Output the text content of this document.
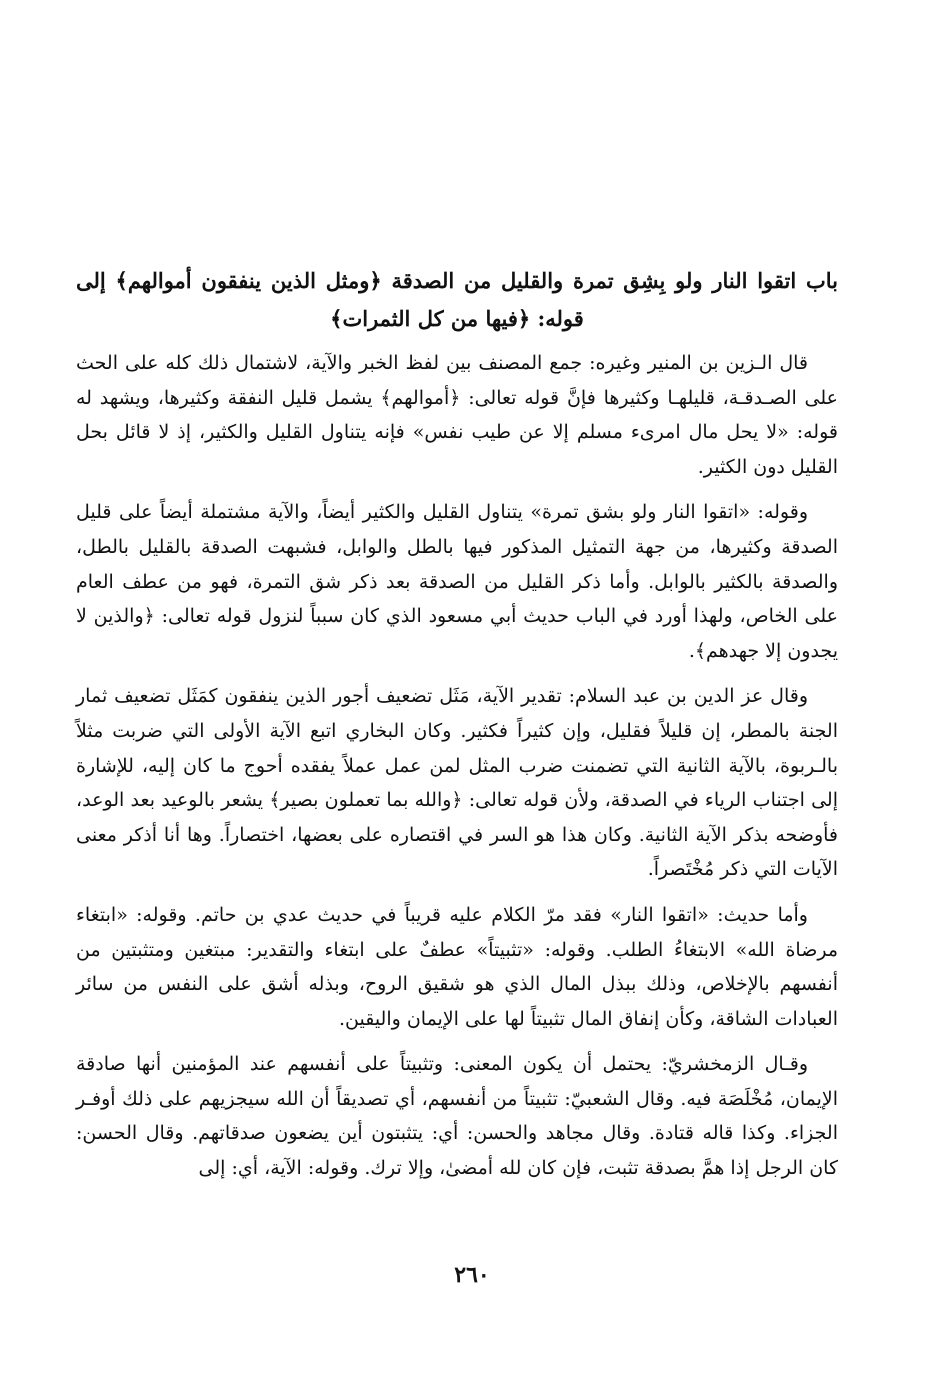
باب اتقوا النار ولو بِشِق تمرة والقليل من الصدقة ﴿ومثل الذين ينفقون أموالهم﴾ إلى قوله: ﴿فيها من كل الثمرات﴾

قال الـزين بن المنير وغيره: جمع المصنف بين لفظ الخبر والآية، لاشتمال ذلك كله على الحث على الصـدقـة، قليلهـا وكثيرها فإنَّ قوله تعالى: ﴿أموالهم﴾ يشمل قليل النفقة وكثيرها، ويشهد له قوله: «لا يحل مال امرىء مسلم إلا عن طيب نفس» فإنه يتناول القليل والكثير، إذ لا قائل بحل القليل دون الكثير.

وقوله: «اتقوا النار ولو بشق تمرة» يتناول القليل والكثير أيضاً، والآية مشتملة أيضاً على قليل الصدقة وكثيرها، من جهة التمثيل المذكور فيها بالطل والوابل، فشبهت الصدقة بالقليل بالطل، والصدقة بالكثير بالوابل. وأما ذكر القليل من الصدقة بعد ذكر شق التمرة، فهو من عطف العام على الخاص، ولهذا أورد في الباب حديث أبي مسعود الذي كان سبباً لنزول قوله تعالى: ﴿والذين لا يجدون إلا جهدهم﴾.

وقال عز الدين بن عبد السلام: تقدير الآية، مَثَل تضعيف أجور الذين ينفقون كمَثَل تضعيف ثمار الجنة بالمطر، إن قليلاً فقليل، وإن كثيراً فكثير. وكان البخاري اتبع الآية الأولى التي ضربت مثلاً بالـربوة، بالآية الثانية التي تضمنت ضرب المثل لمن عمل عملاً يفقده أحوج ما كان إليه، للإشارة إلى اجتناب الرياء في الصدقة، ولأن قوله تعالى: ﴿والله بما تعملون بصير﴾ يشعر بالوعيد بعد الوعد، فأوضحه بذكر الآية الثانية. وكان هذا هو السر في اقتصاره على بعضها، اختصاراً. وها أنا أذكر معنى الآيات التي ذكر مُخْتَصراً.

وأما حديث: «اتقوا النار» فقد مرّ الكلام عليه قريباً في حديث عدي بن حاتم. وقوله: «ابتغاء مرضاة الله» الابتغاءُ الطلب. وقوله: «تثبيتاً» عطفٌ على ابتغاء والتقدير: مبتغين ومتثبتين من أنفسهم بالإخلاص، وذلك ببذل المال الذي هو شقيق الروح، وبذله أشق على النفس من سائر العبادات الشاقة، وكأن إنفاق المال تثبيتاً لها على الإيمان واليقين.

وقـال الزمخشريّ: يحتمل أن يكون المعنى: وتثبيتاً على أنفسهم عند المؤمنين أنها صادقة الإيمان، مُخْلَصَة فيه. وقال الشعبيّ: تثبيتاً من أنفسهم، أي تصديقاً أن الله سيجزيهم على ذلك أوفـر الجزاء. وكذا قاله قتادة. وقال مجاهد والحسن: أي: يتثبتون أين يضعون صدقاتهم. وقال الحسن: كان الرجل إذا همَّ بصدقة تثبت، فإن كان لله أمضىٰ، وإلا ترك. وقوله: الآية، أي: إلى

٢٦٠
